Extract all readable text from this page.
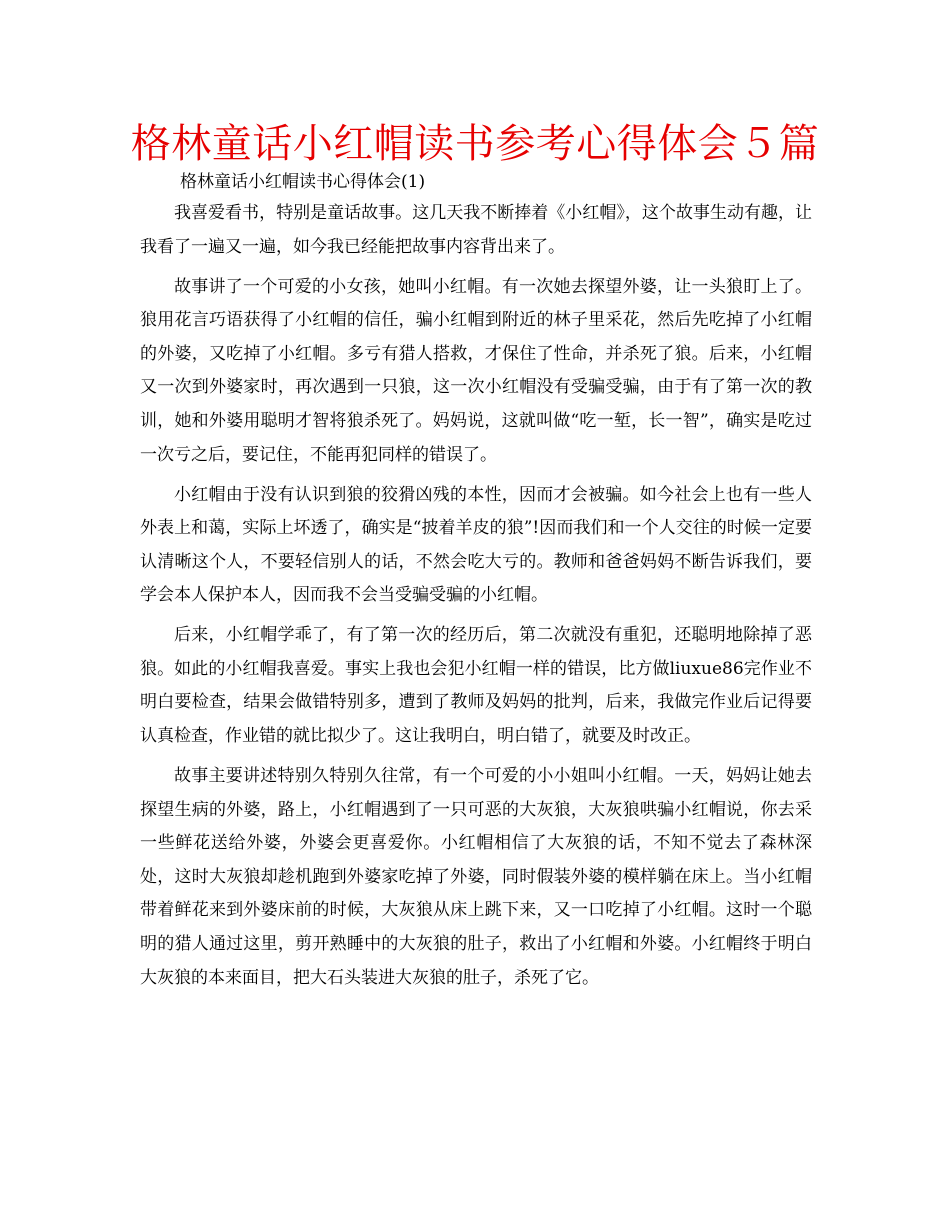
格林童话小红帽读书参考心得体会５篇

格林童话小红帽读书心得体会(1)

我喜爱看书，特别是童话故事。这几天我不断捧着《小红帽》，这个故事生动有趣，让我看了一遍又一遍，如今我已经能把故事内容背出来了。

故事讲了一个可爱的小女孩，她叫小红帽。有一次她去探望外婆，让一头狼盯上了。狼用花言巧语获得了小红帽的信任，骗小红帽到附近的林子里采花，然后先吃掉了小红帽的外婆，又吃掉了小红帽。多亏有猎人搭救，才保住了性命，并杀死了狼。后来，小红帽又一次到外婆家时，再次遇到一只狼，这一次小红帽没有受骗受骗，由于有了第一次的教训，她和外婆用聪明才智将狼杀死了。妈妈说，这就叫做“吃一堑，长一智”，确实是吃过一次亏之后，要记住，不能再犯同样的错误了。

小红帽由于没有认识到狼的狡猾凶残的本性，因而才会被骗。如今社会上也有一些人外表上和蔼，实际上坏透了，确实是“披着羊皮的狼”!因而我们和一个人交往的时候一定要认清晰这个人，不要轻信别人的话，不然会吃大亏的。教师和爸爸妈妈不断告诉我们，要学会本人保护本人，因而我不会当受骗受骗的小红帽。

后来，小红帽学乖了，有了第一次的经历后，第二次就没有重犯，还聪明地除掉了恶狼。如此的小红帽我喜爱。事实上我也会犯小红帽一样的错误，比方做liuxue86完作业不明白要检查，结果会做错特别多，遭到了教师及妈妈的批判，后来，我做完作业后记得要认真检查，作业错的就比拟少了。这让我明白，明白错了，就要及时改正。

故事主要讲述特别久特别久往常，有一个可爱的小小姐叫小红帽。一天，妈妈让她去探望生病的外婆，路上，小红帽遇到了一只可恶的大灰狼，大灰狼哄骗小红帽说，你去采一些鲜花送给外婆，外婆会更喜爱你。小红帽相信了大灰狼的话，不知不觉去了森林深处，这时大灰狼却趁机跑到外婆家吃掉了外婆，同时假装外婆的模样躺在床上。当小红帽带着鲜花来到外婆床前的时候，大灰狼从床上跳下来，又一口吃掉了小红帽。这时一个聪明的猎人通过这里，剪开熟睡中的大灰狼的肚子，救出了小红帽和外婆。小红帽终于明白大灰狼的本来面目，把大石头装进大灰狼的肚子，杀死了它。
